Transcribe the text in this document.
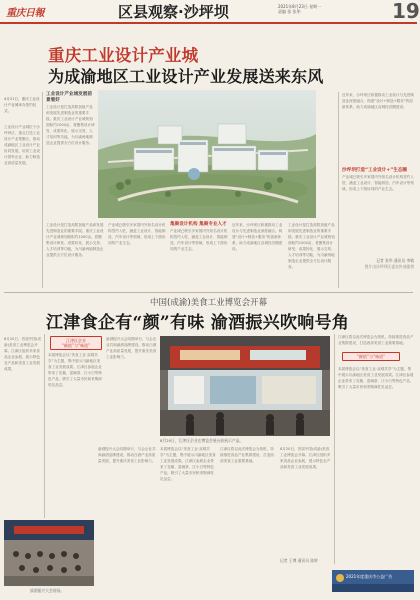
重庆日報	区县观察·沙坪坝	2021年8月23日 星期一
责编 张 张华	19
重庆工业设计产业城
为成渝地区工业设计产业发展送来东风
4月21日，重庆工业设计产业城举办签约仪式。
工业设计产业城位于沙坪坝区，重点打造工业设计产业集聚区，推动成渝地区工业设计产业协同发展，培育工业设计领军企业，助力制造业高质量发展。
工业设计产业城发展前景看好
工业设计是打造高附加值产品和发展先进制造业的重要手段。重庆工业设计产业城规划面积约1000亩，将聚集设计研发、成果转化、展示交易、人才培训等功能，为川渝两地制造企业提供全方位设计服务。
近年来，沙坪坝区积极推动工业设计与先进制造业深度融合，构建“设计+制造+服务”的创新体系，助力成渝地区双城经济圈建设。
沙坪坝打造“工业设计+”生态圈
产业城已吸引多家国内外知名设计机构签约入驻，涵盖工业设计、智能制造、汽车设计等领域，形成上下游协同的产业生态。
记者 张华 通讯员 李敏
图片由沙坪坝区委宣传部提供
工业设计是打造高附加值产品和发展先进制造业的重要手段。重庆工业设计产业城规划面积约1000亩，将聚集设计研发、成果转化、展示交易、人才培训等功能，为川渝两地制造企业提供全方位设计服务。
产业城已吸引多家国内外知名设计机构签约入驻，涵盖工业设计、智能制造、汽车设计等领域，形成上下游协同的产业生态。
集聚设计机构 集聚专业人才
产业城已吸引多家国内外知名设计机构签约入驻，涵盖工业设计、智能制造、汽车设计等领域，形成上下游协同的产业生态。
近年来，沙坪坝区积极推动工业设计与先进制造业深度融合，构建“设计+制造+服务”的创新体系，助力成渝地区双城经济圈建设。
工业设计是打造高附加值产品和发展先进制造业的重要手段。重庆工业设计产业城规划面积约1000亩，将聚集设计研发、成果转化、展示交易、人才培训等功能，为川渝两地制造企业提供全方位设计服务。
中国(成渝)美食工业博览会开幕
江津食企有“颜”有味 渝酒振兴吹响号角
8月20日，首届中国(成渝)美食工业博览会开幕。江津区组织多家食品企业参展，展示特色农产品和美食工业发展成果。
江津区企业
“颜值”与“味道”
本届博览会以“美食工业·双城共享”为主题，集中展示川渝地区美食工业发展成果。江津区参展企业带来了花椒、富硒茶、江小白等特色产品，吸引了大量市民和采购商驻足品尝。
渝酒振兴大会同期举行，与会企业共商渝酒品牌建设，推动白酒产业高质量发展，提升重庆美食工业影响力。
8月20日，江津区企业在博览会展台前展示产品。
“颜值”与“味道”
江津区将以此次博览会为契机，持续推进食品产业集群建设，打造西部美食工业重要基地。
本届博览会以“美食工业·双城共享”为主题，集中展示川渝地区美食工业发展成果。江津区参展企业带来了花椒、富硒茶、江小白等特色产品，吸引了大量市民和采购商驻足品尝。
渝酒振兴大会同期举行，与会企业共商渝酒品牌建设，推动白酒产业高质量发展，提升重庆美食工业影响力。
本届博览会以“美食工业·双城共享”为主题，集中展示川渝地区美食工业发展成果。江津区参展企业带来了花椒、富硒茶、江小白等特色产品，吸引了大量市民和采购商驻足品尝。
江津区将以此次博览会为契机，持续推进食品产业集群建设，打造西部美食工业重要基地。
8月20日，首届中国(成渝)美食工业博览会开幕。江津区组织多家食品企业参展，展示特色农产品和美食工业发展成果。
记者 王博 通讯员 陈婷
渝酒振兴大会现场。
2021年度重庆市公益广告
